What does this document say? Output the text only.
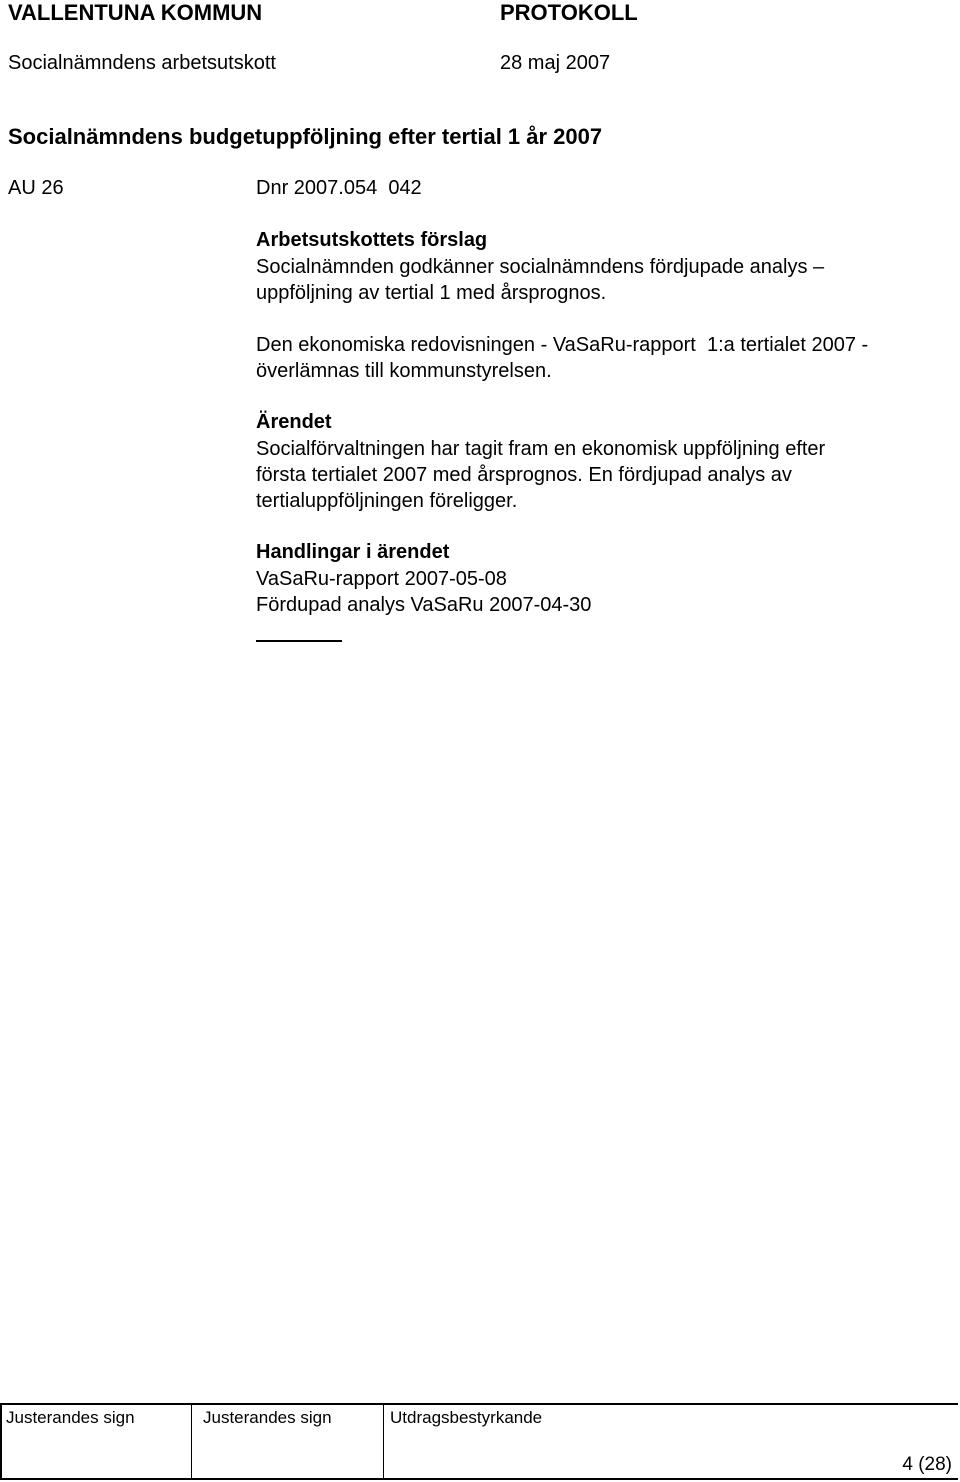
VALLENTUNA KOMMUN	PROTOKOLL
Socialnämndens arbetsutskott	28 maj 2007
Socialnämndens budgetuppföljning efter tertial 1 år 2007
AU 26	Dnr 2007.054  042
Arbetsutskottets förslag
Socialnämnden godkänner socialnämndens fördjupade analys –
uppföljning av tertial 1 med årsprognos.
Den ekonomiska redovisningen - VaSaRu-rapport  1:a tertialet 2007 -
överlämnas till kommunstyrelsen.
Ärendet
Socialförvaltningen har tagit fram en ekonomisk uppföljning efter
första tertialet 2007 med årsprognos. En fördjupad analys av
tertialuppföljningen föreligger.
Handlingar i ärendet
VaSaRu-rapport 2007-05-08
Fördupad analys VaSaRu 2007-04-30
Justerandes sign	Justerandes sign	Utdragsbestyrkande
4 (28)
